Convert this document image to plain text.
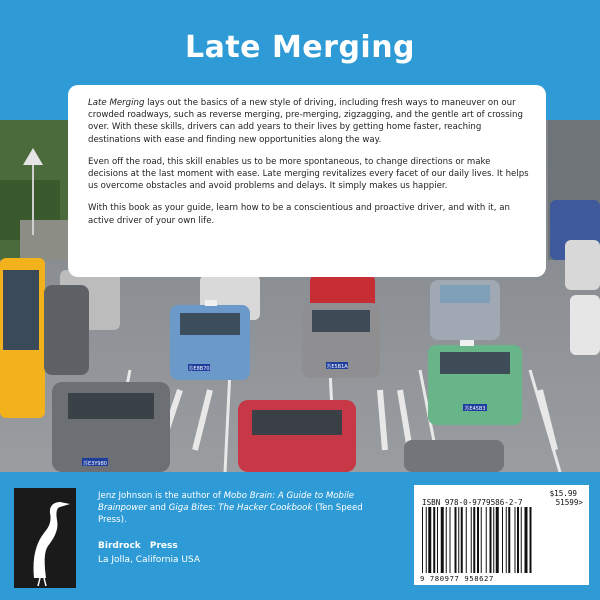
Late Merging
苏E8B70	苏E5B1A
苏E45B3
苏E3Y980

Late Merging lays out the basics of a new style of driving, including fresh ways to maneuver on our crowded roadways, such as reverse merging, pre-merging, zigzagging, and the gentle art of crossing over. With these skills, drivers can add years to their lives by getting home faster, reaching destinations with ease and finding new opportunities along the way.

Even off the road, this skill enables us to be more spontaneous, to change directions or make decisions at the last moment with ease. Late merging revitalizes every facet of our daily lives. It helps us overcome obstacles and avoid problems and delays. It simply makes us happier.

With this book as your guide, learn how to be a conscientious and proactive driver, and with it, an active driver of your own life.

Jenz Johnson is the author of Mobo Brain: A Guide to Mobile Brainpower and Giga Bites: The Hacker Cookbook (Ten Speed Press).
Birdrock Press
La Jolla, California USA
$15.99
ISBN 978-0-9779586-2-7	51599>
9 780977 958627
